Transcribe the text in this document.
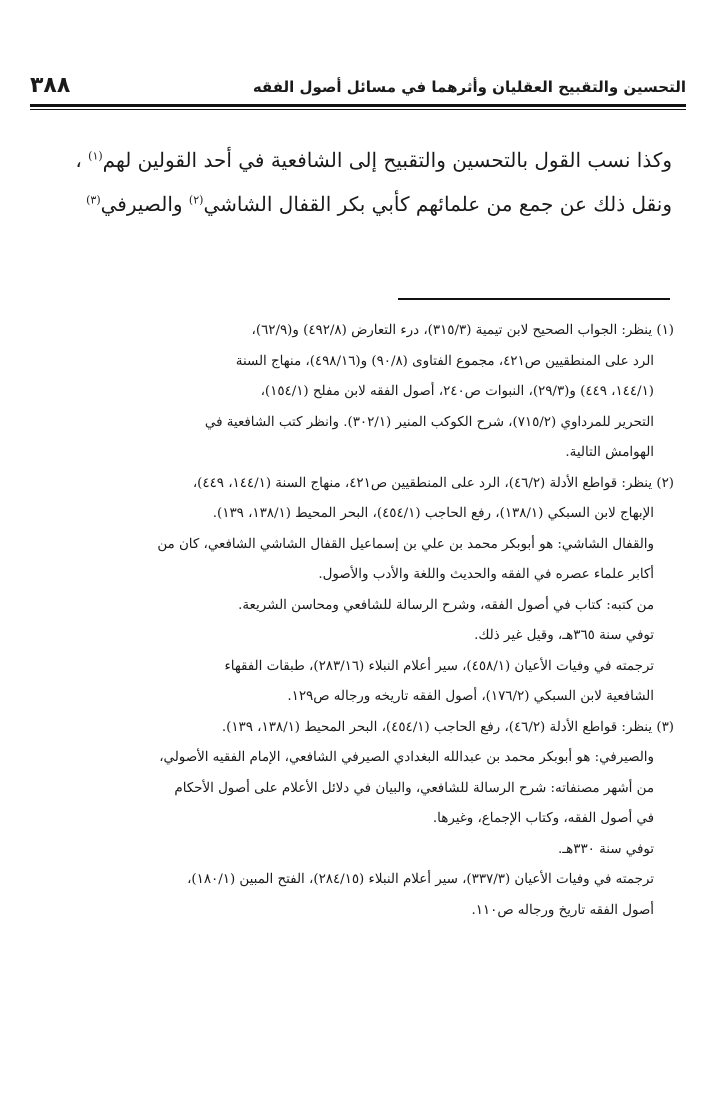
٣٨٨	التحسين والتقبيح العقليان وأثرهما في مسائل أصول الفقه
وكذا نسب القول بالتحسين والتقبيح إلى الشافعية في أحد القولين لهم$^{(١)}$ ،
ونقل ذلك عن جمع من علمائهم كأبي بكر القفال الشاشي$^{(٢)}$ والصيرفي$^{(٣)}$
(١) ينظر: الجواب الصحيح لابن تيمية (٣١٥/٣)، درء التعارض (٤٩٢/٨) و(٦٢/٩)،
الرد على المنطقيين ص٤٢١، مجموع الفتاوى (٩٠/٨) و(٤٩٨/١٦)، منهاج السنة
(١٤٤/١، ٤٤٩) و(٢٩/٣)، النبوات ص٢٤٠، أصول الفقه لابن مفلح (١٥٤/١)،
التحرير للمرداوي (٧١٥/٢)، شرح الكوكب المنير (٣٠٢/١). وانظر كتب الشافعية في
الهوامش التالية.
(٢) ينظر: قواطع الأدلة (٤٦/٢)، الرد على المنطقيين ص٤٢١، منهاج السنة (١٤٤/١، ٤٤٩)،
الإبهاج لابن السبكي (١٣٨/١)، رفع الحاجب (٤٥٤/١)، البحر المحيط (١٣٨/١، ١٣٩).
والقفال الشاشي: هو أبوبكر محمد بن علي بن إسماعيل القفال الشاشي الشافعي، كان من
أكابر علماء عصره في الفقه والحديث واللغة والأدب والأصول.
من كتبه: كتاب في أصول الفقه، وشرح الرسالة للشافعي ومحاسن الشريعة.
توفي سنة ٣٦٥هـ، وقيل غير ذلك.
ترجمته في وفيات الأعيان (٤٥٨/١)، سير أعلام النبلاء (٢٨٣/١٦)، طبقات الفقهاء
الشافعية لابن السبكي (١٧٦/٢)، أصول الفقه تاريخه ورجاله ص١٢٩.
(٣) ينظر: قواطع الأدلة (٤٦/٢)، رفع الحاجب (٤٥٤/١)، البحر المحيط (١٣٨/١، ١٣٩).
والصيرفي: هو أبوبكر محمد بن عبدالله البغدادي الصيرفي الشافعي، الإمام الفقيه الأصولي،
من أشهر مصنفاته: شرح الرسالة للشافعي، والبيان في دلائل الأعلام على أصول الأحكام
في أصول الفقه، وكتاب الإجماع، وغيرها.
توفي سنة ٣٣٠هـ.
ترجمته في وفيات الأعيان (٣٣٧/٣)، سير أعلام النبلاء (٢٨٤/١٥)، الفتح المبين (١٨٠/١)،
أصول الفقه تاريخ ورجاله ص١١٠.
